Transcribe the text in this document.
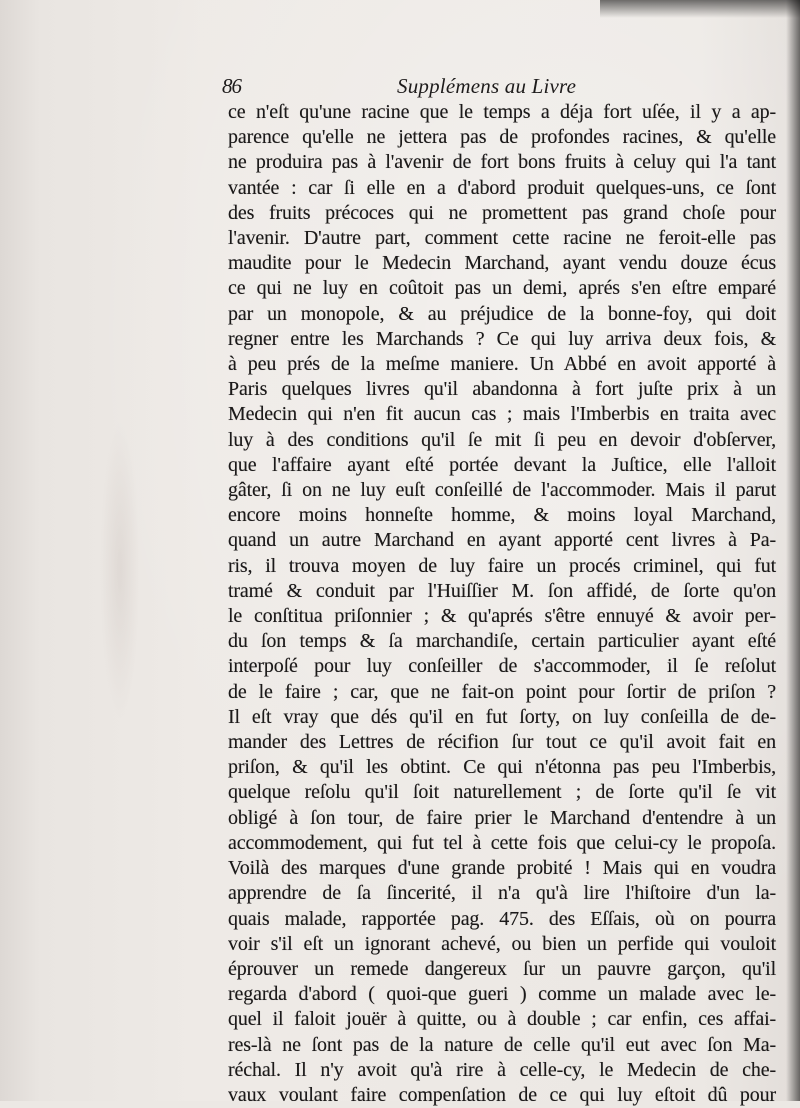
86	Supplémens au Livre
ce n'eſt qu'une racine que le temps a déja fort uſée, il y a ap-
parence qu'elle ne jettera pas de profondes racines, & qu'elle
ne produira pas à l'avenir de fort bons fruits à celuy qui l'a tant
vantée : car ſi elle en a d'abord produit quelques-uns, ce ſont
des fruits précoces qui ne promettent pas grand choſe pour
l'avenir. D'autre part, comment cette racine ne feroit-elle pas
maudite pour le Medecin Marchand, ayant vendu douze écus
ce qui ne luy en coûtoit pas un demi, aprés s'en eſtre emparé
par un monopole, & au préjudice de la bonne-foy, qui doit
regner entre les Marchands ? Ce qui luy arriva deux fois, &
à peu prés de la meſme maniere. Un Abbé en avoit apporté à
Paris quelques livres qu'il abandonna à fort juſte prix à un
Medecin qui n'en fit aucun cas ; mais l'Imberbis en traita avec
luy à des conditions qu'il ſe mit ſi peu en devoir d'obſerver,
que l'affaire ayant eſté portée devant la Juſtice, elle l'alloit
gâter, ſi on ne luy euſt conſeillé de l'accommoder. Mais il parut
encore moins honneſte homme, & moins loyal Marchand,
quand un autre Marchand en ayant apporté cent livres à Pa-
ris, il trouva moyen de luy faire un procés criminel, qui fut
tramé & conduit par l'Huiſſier M. ſon affidé, de ſorte qu'on
le conſtitua priſonnier ; & qu'aprés s'être ennuyé & avoir per-
du ſon temps & ſa marchandiſe, certain particulier ayant eſté
interpoſé pour luy conſeiller de s'accommoder, il ſe reſolut
de le faire ; car, que ne fait-on point pour ſortir de priſon ?
Il eſt vray que dés qu'il en fut ſorty, on luy conſeilla de de-
mander des Lettres de récifion ſur tout ce qu'il avoit fait en
priſon, & qu'il les obtint. Ce qui n'étonna pas peu l'Imberbis,
quelque reſolu qu'il ſoit naturellement ; de ſorte qu'il ſe vit
obligé à ſon tour, de faire prier le Marchand d'entendre à un
accommodement, qui fut tel à cette fois que celui-cy le propoſa.
Voilà des marques d'une grande probité ! Mais qui en voudra
apprendre de ſa ſincerité, il n'a qu'à lire l'hiſtoire d'un la-
quais malade, rapportée pag. 475. des Eſſais, où on pourra
voir s'il eſt un ignorant achevé, ou bien un perfide qui vouloit
éprouver un remede dangereux ſur un pauvre garçon, qu'il
regarda d'abord ( quoi-que gueri ) comme un malade avec le-
quel il faloit jouër à quitte, ou à double ; car enfin, ces affai-
res-là ne ſont pas de la nature de celle qu'il eut avec ſon Ma-
réchal. Il n'y avoit qu'à rire à celle-cy, le Medecin de che-
vaux voulant faire compenſation de ce qui luy eſtoit dû pour
